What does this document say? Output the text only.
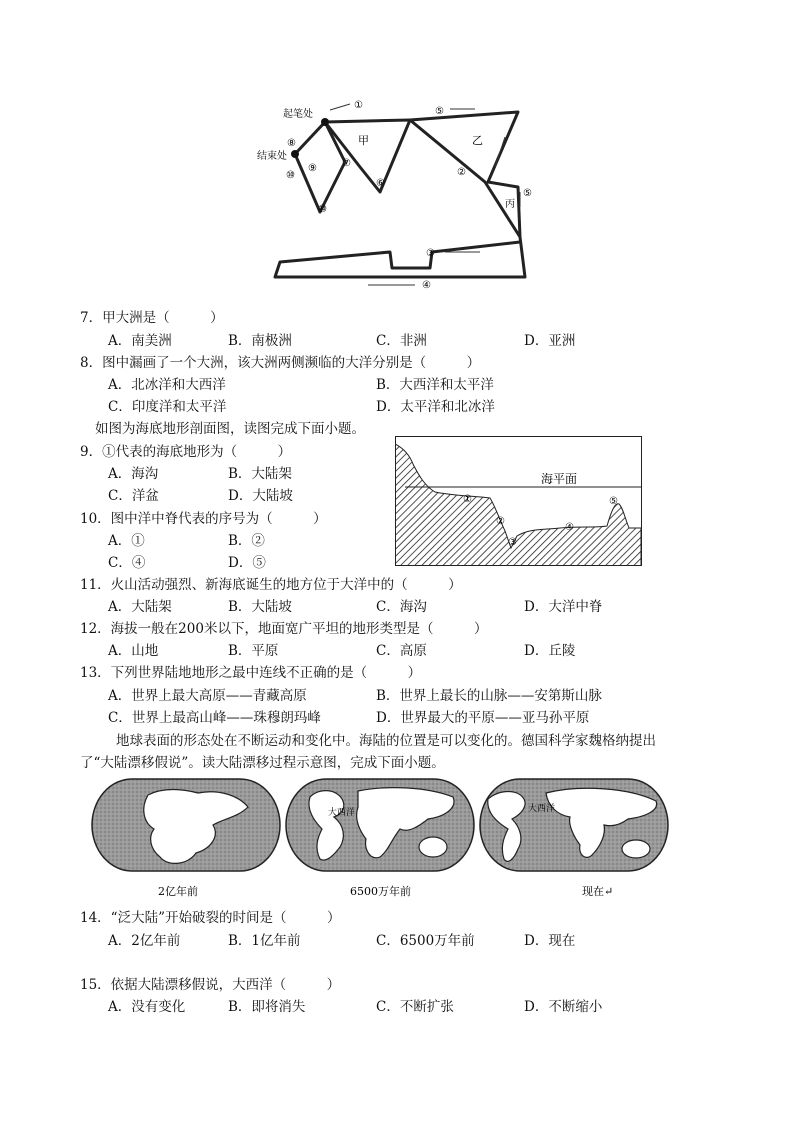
起笔处
结束处
甲	乙
丙
①
②
③
④
⑤
⑤
⑥
⑦
⑧
⑨
⑩
⑩
7．甲大洲是（　　　）
A．南美洲	B．南极洲	C．非洲	D．亚洲
8．图中漏画了一个大洲，该大洲两侧濒临的大洋分别是（　　　）
A．北冰洋和大西洋	B．大西洋和太平洋
C．印度洋和太平洋	D．太平洋和北冰洋
如图为海底地形剖面图，读图完成下面小题。
9．①代表的海底地形为（　　　）
A．海沟	B．大陆架
C．洋盆	D．大陆坡
10．图中洋中脊代表的序号为（　　　）
A．①	B．②
C．④	D．⑤
海平面
①
②
③
④
⑤
11．火山活动强烈、新海底诞生的地方位于大洋中的（　　　）
A．大陆架	B．大陆坡	C．海沟	D．大洋中脊
12．海拔一般在200米以下，地面宽广平坦的地形类型是（　　　）
A．山地	B．平原	C．高原	D．丘陵
13．下列世界陆地地形之最中连线不正确的是（　　　）
A．世界上最大高原——青藏高原	B．世界上最长的山脉——安第斯山脉
C．世界上最高山峰——珠穆朗玛峰	D．世界最大的平原——亚马孙平原
地球表面的形态处在不断运动和变化中。海陆的位置是可以变化的。德国科学家魏格纳提出
了“大陆漂移假说”。读大陆漂移过程示意图，完成下面小题。
大西洋	大西洋
2亿年前	6500万年前	现在↵
14．“泛大陆”开始破裂的时间是（　　　）
A．2亿年前	B．1亿年前	C．6500万年前	D．现在
15．依据大陆漂移假说，大西洋（　　　）
A．没有变化	B．即将消失	C．不断扩张	D．不断缩小
